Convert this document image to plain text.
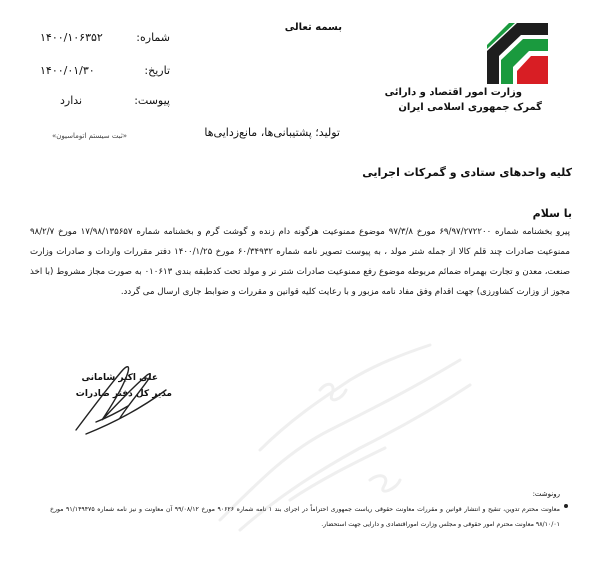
بسمه تعالی
وزارت امور اقتصاد و دارائی
گمرک جمهوری اسلامی ایران
شماره:
۱۴۰۰/۱۰۶۳۵۲
تاریخ:
۱۴۰۰/۰۱/۳۰
پیوست:
ندارد
«ثبت سیستم اتوماسیون»	تولید؛ پشتیبانی‌ها، مانع‌زدایی‌ها
کلیه واحدهای ستادی و گمرکات اجرایی
با سلام
پیرو بخشنامه شماره ۶۹/۹۷/۲۷۲۲۰۰ مورخ ۹۷/۳/۸ موضوع ممنوعیت هرگونه دام زنده و گوشت گرم و بخشنامه شماره ۱۷/۹۸/۱۳۵۶۵۷ مورخ ۹۸/۲/۷ ممنوعیت صادرات چند قلم کالا از جمله شتر مولد ، به پیوست تصویر نامه شماره ۶۰/۳۴۹۳۲ مورخ ۱۴۰۰/۱/۲۵ دفتر مقررات واردات و صادرات وزارت صنعت، معدن و تجارت بهمراه ضمائم مربوطه موضوع رفع ممنوعیت صادرات شتر نر و مولد تحت کدطبقه بندی ۰۱۰۶۱۳ به صورت مجاز مشروط (با اخذ مجوز از وزارت کشاورزی) جهت اقدام وفق مفاد نامه مزبور و با رعایت کلیه قوانین و مقررات و ضوابط جاری ارسال می گردد.
علی اکبر شامانی
مدیر کل دفتر صادرات
رونوشت:
معاونت محترم تدوین، تنقیح و انتشار قوانین و مقررات معاونت حقوقی ریاست جمهوری احتراماً در اجرای بند ۱ نامه شماره ۹۰۶۲۶ مورخ ۹۹/۰۸/۱۲ آن معاونت و نیز نامه شماره ۹۱/۱۴۹۴۷۵ مورخ ۹۸/۱۰/۰۱ معاونت محترم امور حقوقی و مجلس وزارت اموراقتصادی و دارایی جهت استحضار.
